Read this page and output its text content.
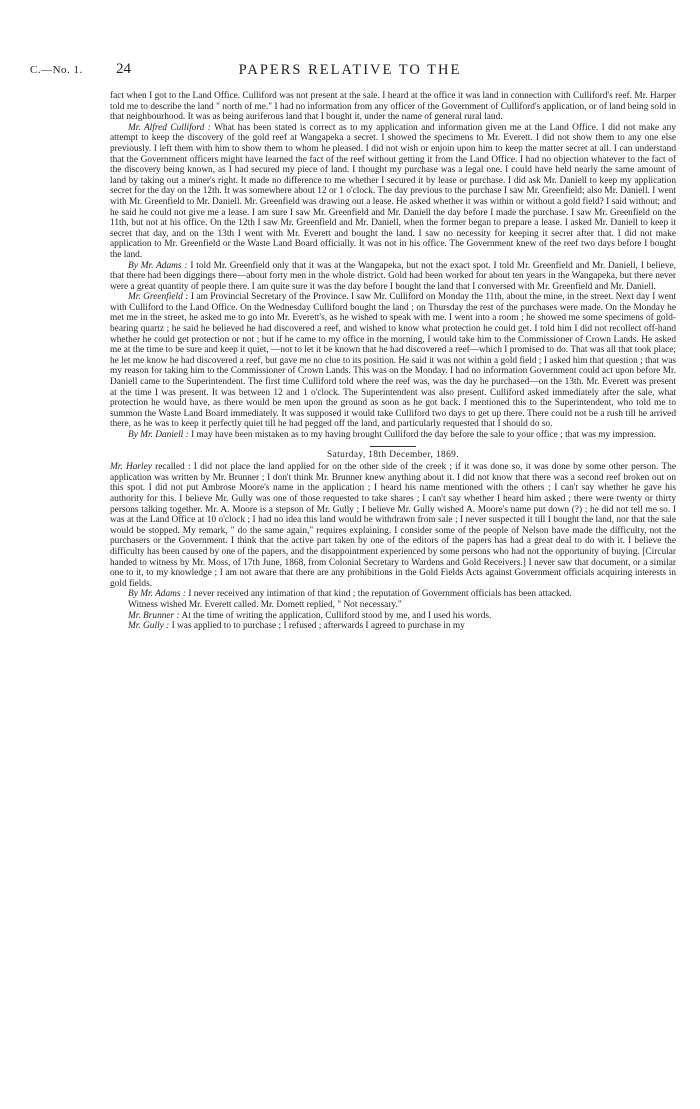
C.—No. 1. 24	PAPERS RELATIVE TO THE

fact when I got to the Land Office. Culliford was not present at the sale. I heard at the office it was land in connection with Culliford's reef. Mr. Harper told me to describe the land " north of me." I had no information from any officer of the Government of Culliford's application, or of land being sold in that neighbourhood. It was as being auriferous land that I bought it, under the name of general rural land.

Mr. Alfred Culliford : What has been stated is correct as to my application and information given me at the Land Office. I did not make any attempt to keep the discovery of the gold reef at Wangapeka a secret. I showed the specimens to Mr. Everett. I did not show them to any one else previously. I left them with him to show them to whom he pleased. I did not wish or enjoin upon him to keep the matter secret at all. I can understand that the Government officers might have learned the fact of the reef without getting it from the Land Office. I had no objection whatever to the fact of the discovery being known, as I had secured my piece of land. I thought my purchase was a legal one. I could have held nearly the same amount of land by taking out a miner's right. It made no difference to me whether I secured it by lease or purchase. I did ask Mr. Daniell to keep my application secret for the day on the 12th. It was somewhere about 12 or 1 o'clock. The day previous to the purchase I saw Mr. Greenfield; also Mr. Daniell. I went with Mr. Greenfield to Mr. Daniell. Mr. Greenfield was drawing out a lease. He asked whether it was within or without a gold field? I said without; and he said he could not give me a lease. I am sure I saw Mr. Greenfield and Mr. Daniell the day before I made the purchase. I saw Mr. Greenfield on the 11th, but not at his office. On the 12th I saw Mr. Greenfield and Mr. Daniell, when the former began to prepare a lease. I asked Mr. Daniell to keep it secret that day, and on the 13th I went with Mr. Everett and bought the land. I saw no necessity for keeping it secret after that. I did not make application to Mr. Greenfield or the Waste Land Board officially. It was not in his office. The Government knew of the reef two days before I bought the land.

By Mr. Adams : I told Mr. Greenfield only that it was at the Wangapeka, but not the exact spot. I told Mr. Greenfield and Mr. Daniell, I believe, that there had been diggings there—about forty men in the whole district. Gold had been worked for about ten years in the Wangapeka, but there never were a great quantity of people there. I am quite sure it was the day before I bought the land that I conversed with Mr. Greenfield and Mr. Daniell.

Mr. Greenfield : I am Provincial Secretary of the Province. I saw Mr. Culliford on Monday the 11th, about the mine, in the street. Next day I went with Culliford to the Land Office. On the Wednesday Culliford bought the land ; on Thursday the rest of the purchases were made. On the Monday he met me in the street, he asked me to go into Mr. Everett's, as he wished to speak with me. I went into a room ; he showed me some specimens of gold-bearing quartz ; he said he believed he had discovered a reef, and wished to know what protection he could get. I told him I did not recollect off-hand whether he could get protection or not ; but if he came to my office in the morning, I would take him to the Commissioner of Crown Lands. He asked me at the time to be sure and keep it quiet, —not to let it be known that he had discovered a reef—which I promised to do. That was all that took place; he let me know he had discovered a reef, but gave me no clue to its position. He said it was not within a gold field ; I asked him that question ; that was my reason for taking him to the Commissioner of Crown Lands. This was on the Monday. I had no information Government could act upon before Mr. Daniell came to the Superintendent. The first time Culliford told where the reef was, was the day he purchased—on the 13th. Mr. Everett was present at the time I was present. It was between 12 and 1 o'clock. The Superintendent was also present. Culliford asked immediately after the sale, what protection he would have, as there would be men upon the ground as soon as he got back. I mentioned this to the Superintendent, who told me to summon the Waste Land Board immediately. It was supposed it would take Culliford two days to get up there. There could not be a rush till he arrived there, as he was to keep it perfectly quiet till he had pegged off the land, and particularly requested that I should do so.

By Mr. Daniell : I may have been mistaken as to my having brought Culliford the day before the sale to your office ; that was my impression.

Saturday, 18th December, 1869.

Mr. Harley recalled : I did not place the land applied for on the other side of the creek ; if it was done so, it was done by some other person. The application was written by Mr. Brunner ; I don't think Mr. Brunner knew anything about it. I did not know that there was a second reef broken out on this spot. I did not put Ambrose Moore's name in the application ; I heard his name mentioned with the others ; I can't say whether he gave his authority for this. I believe Mr. Gully was one of those requested to take shares ; I can't say whether I heard him asked ; there were twenty or thirty persons talking together. Mr. A. Moore is a stepson of Mr. Gully ; I believe Mr. Gully wished A. Moore's name put down (?) ; he did not tell me so. I was at the Land Office at 10 o'clock ; I had no idea this land would be withdrawn from sale ; I never suspected it till I bought the land, nor that the sale would be stopped. My remark, " do the same again," requires explaining. I consider some of the people of Nelson have made the difficulty, not the purchasers or the Government. I think that the active part taken by one of the editors of the papers has had a great deal to do with it. I believe the difficulty has been caused by one of the papers, and the disappointment experienced by some persons who had not the opportunity of buying. [Circular handed to witness by Mr. Moss, of 17th June, 1868, from Colonial Secretary to Wardens and Gold Receivers.] I never saw that document, or a similar one to it, to my knowledge ; I am not aware that there are any prohibitions in the Gold Fields Acts against Government officials acquiring interests in gold fields.

By Mr. Adams : I never received any intimation of that kind ; the reputation of Government officials has been attacked.

Witness wished Mr. Everett called. Mr. Domett replied, " Not necessary."

Mr. Brunner : At the time of writing the application, Culliford stood by me, and I used his words.

Mr. Gully : I was applied to to purchase ; I refused ; afterwards I agreed to purchase in my
